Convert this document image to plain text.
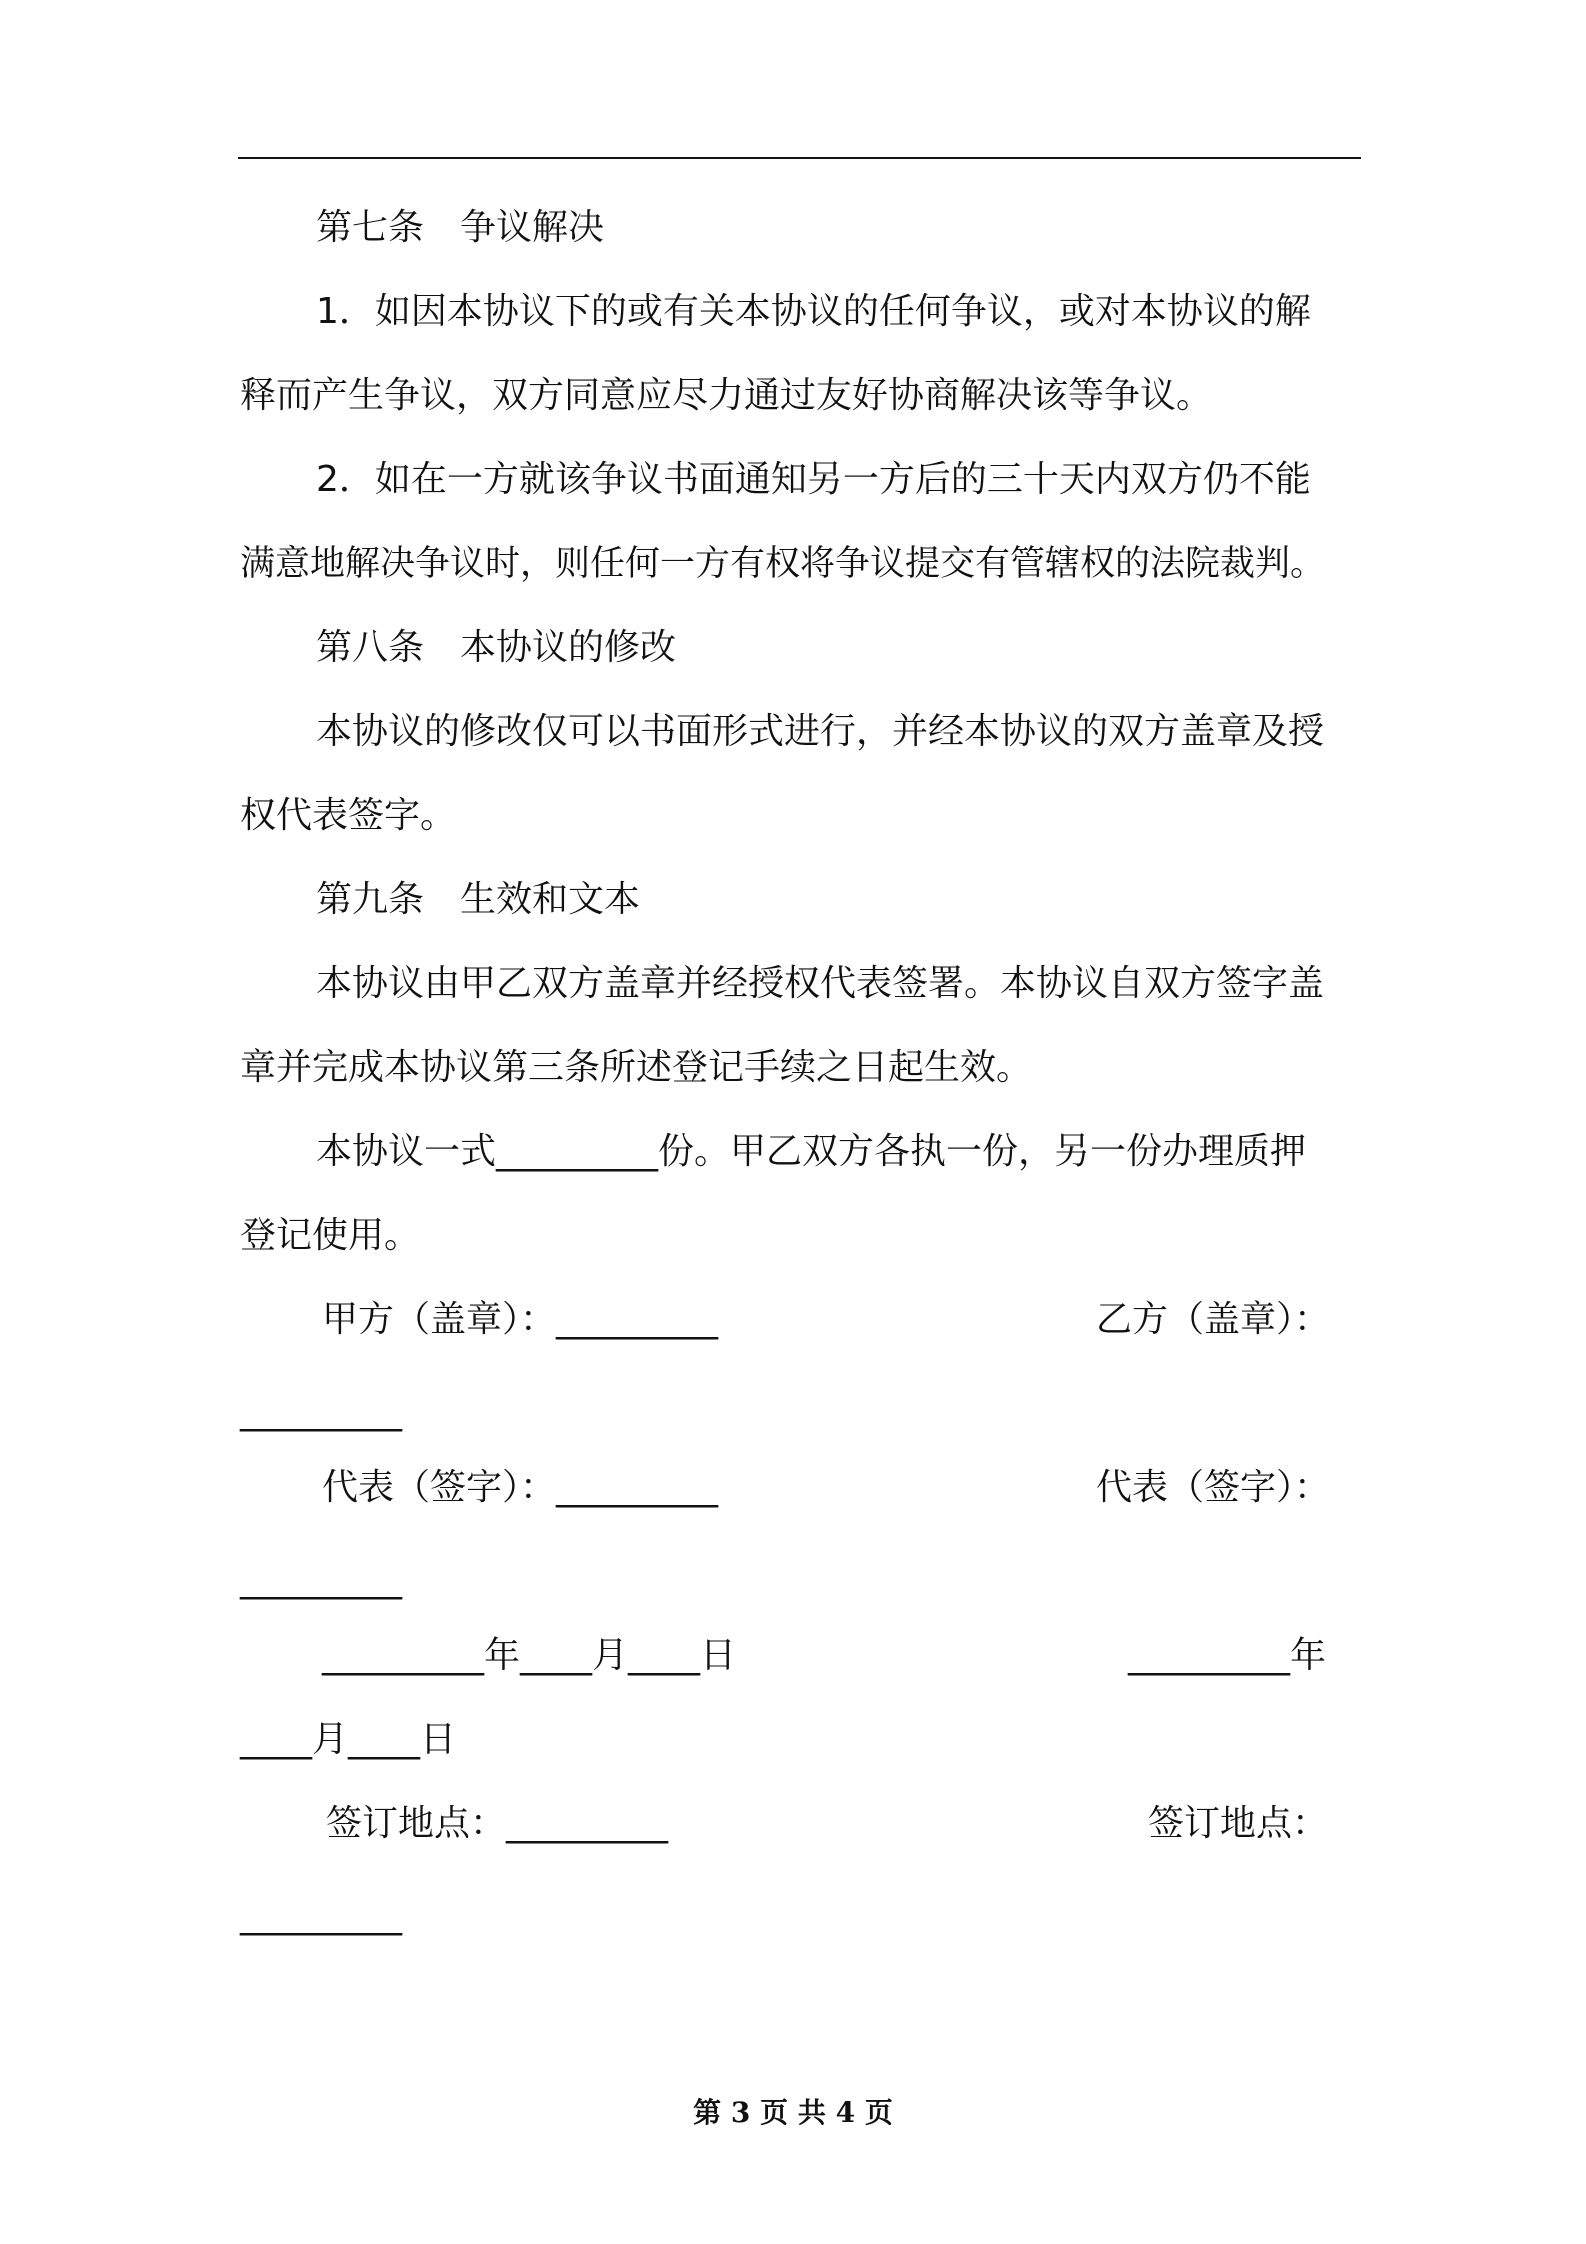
第七条　争议解决
1．如因本协议下的或有关本协议的任何争议，或对本协议的解
释而产生争议，双方同意应尽力通过友好协商解决该等争议。
2．如在一方就该争议书面通知另一方后的三十天内双方仍不能
满意地解决争议时，则任何一方有权将争议提交有管辖权的法院裁判。
第八条　本协议的修改
本协议的修改仅可以书面形式进行，并经本协议的双方盖章及授
权代表签字。
第九条　生效和文本
本协议由甲乙双方盖章并经授权代表签署。本协议自双方签字盖
章并完成本协议第三条所述登记手续之日起生效。
本协议一式_________份。甲乙双方各执一份，另一份办理质押
登记使用。
甲方（盖章）：_________	乙方（盖章）：
_________
代表（签字）：_________	代表（签字）：
_________
_________年____月____日	_________年
____月____日
签订地点：_________	签订地点：
_________
第 3 页 共 4 页
